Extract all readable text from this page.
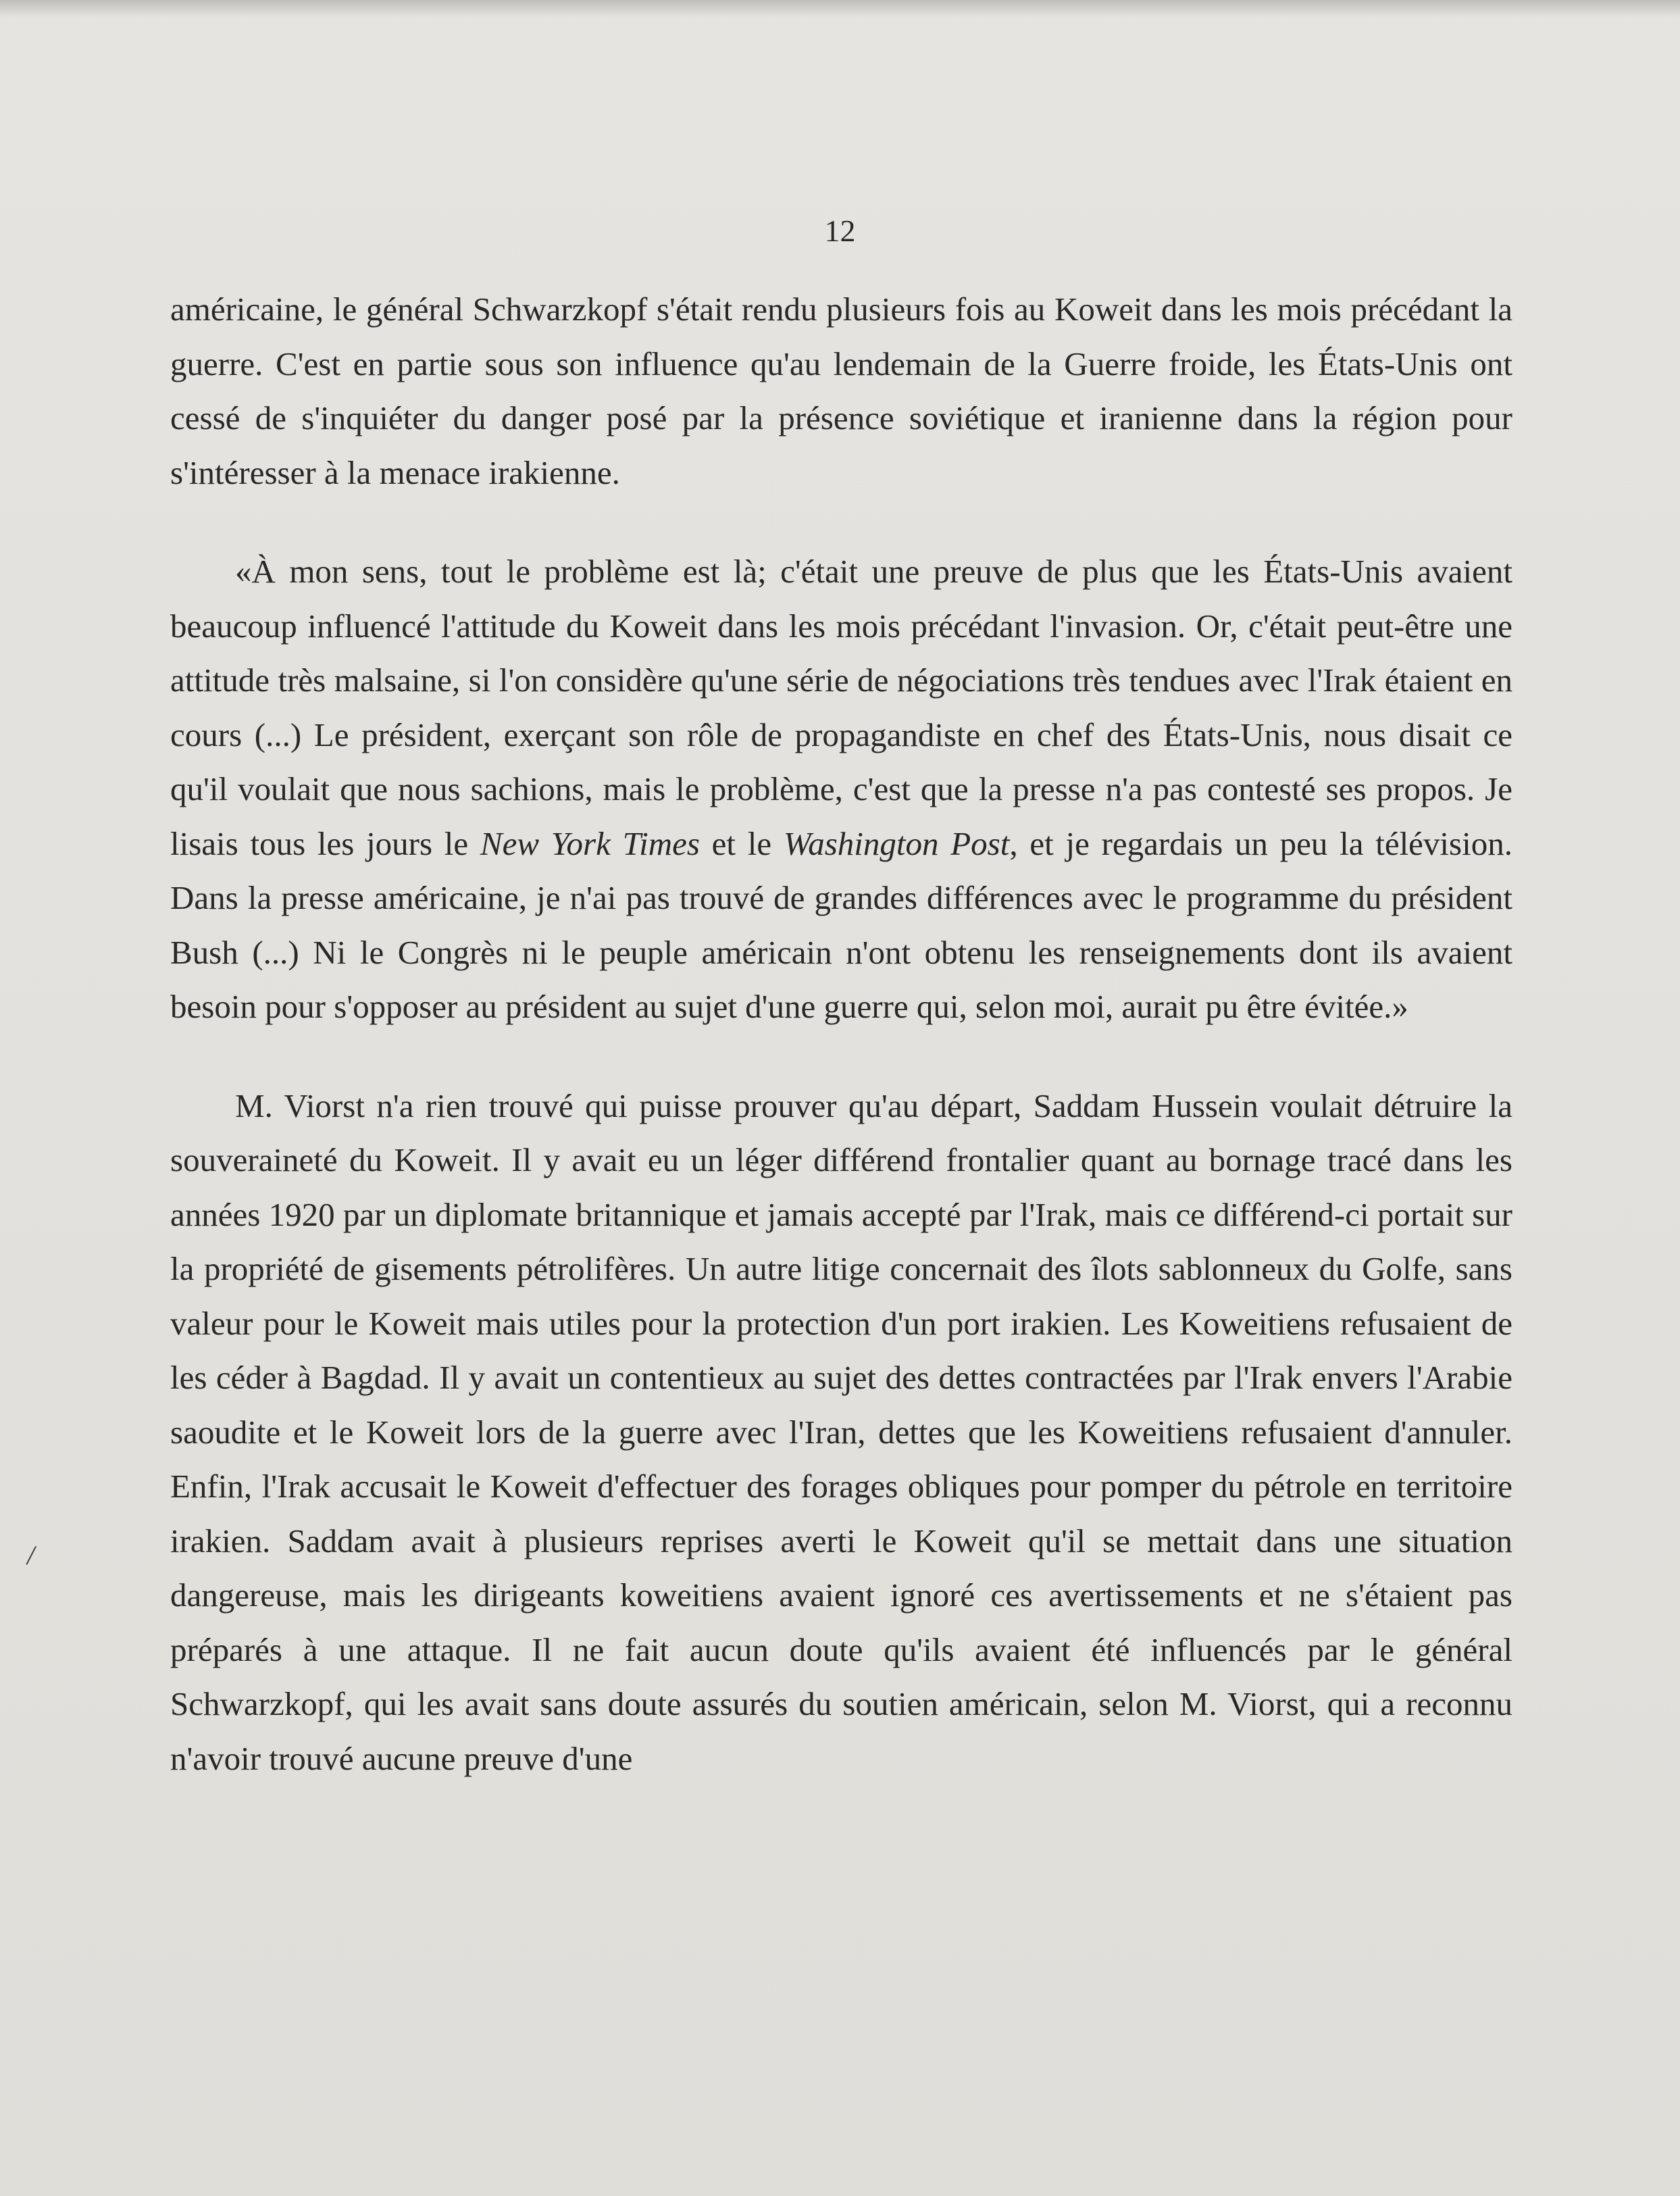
12

américaine, le général Schwarzkopf s'était rendu plusieurs fois au Koweit dans les mois précédant la guerre. C'est en partie sous son influence qu'au lendemain de la Guerre froide, les États-Unis ont cessé de s'inquiéter du danger posé par la présence soviétique et iranienne dans la région pour s'intéresser à la menace irakienne.

«À mon sens, tout le problème est là; c'était une preuve de plus que les États-Unis avaient beaucoup influencé l'attitude du Koweit dans les mois précédant l'invasion. Or, c'était peut-être une attitude très malsaine, si l'on considère qu'une série de négociations très tendues avec l'Irak étaient en cours (...) Le président, exerçant son rôle de propagandiste en chef des États-Unis, nous disait ce qu'il voulait que nous sachions, mais le problème, c'est que la presse n'a pas contesté ses propos. Je lisais tous les jours le New York Times et le Washington Post, et je regardais un peu la télévision. Dans la presse américaine, je n'ai pas trouvé de grandes différences avec le programme du président Bush (...) Ni le Congrès ni le peuple américain n'ont obtenu les renseignements dont ils avaient besoin pour s'opposer au président au sujet d'une guerre qui, selon moi, aurait pu être évitée.»

M. Viorst n'a rien trouvé qui puisse prouver qu'au départ, Saddam Hussein voulait détruire la souveraineté du Koweit. Il y avait eu un léger différend frontalier quant au bornage tracé dans les années 1920 par un diplomate britannique et jamais accepté par l'Irak, mais ce différend-ci portait sur la propriété de gisements pétrolifères. Un autre litige concernait des îlots sablonneux du Golfe, sans valeur pour le Koweit mais utiles pour la protection d'un port irakien. Les Koweitiens refusaient de les céder à Bagdad. Il y avait un contentieux au sujet des dettes contractées par l'Irak envers l'Arabie saoudite et le Koweit lors de la guerre avec l'Iran, dettes que les Koweitiens refusaient d'annuler. Enfin, l'Irak accusait le Koweit d'effectuer des forages obliques pour pomper du pétrole en territoire irakien. Saddam avait à plusieurs reprises averti le Koweit qu'il se mettait dans une situation dangereuse, mais les dirigeants koweitiens avaient ignoré ces avertissements et ne s'étaient pas préparés à une attaque. Il ne fait aucun doute qu'ils avaient été influencés par le général Schwarzkopf, qui les avait sans doute assurés du soutien américain, selon M. Viorst, qui a reconnu n'avoir trouvé aucune preuve d'une

/
